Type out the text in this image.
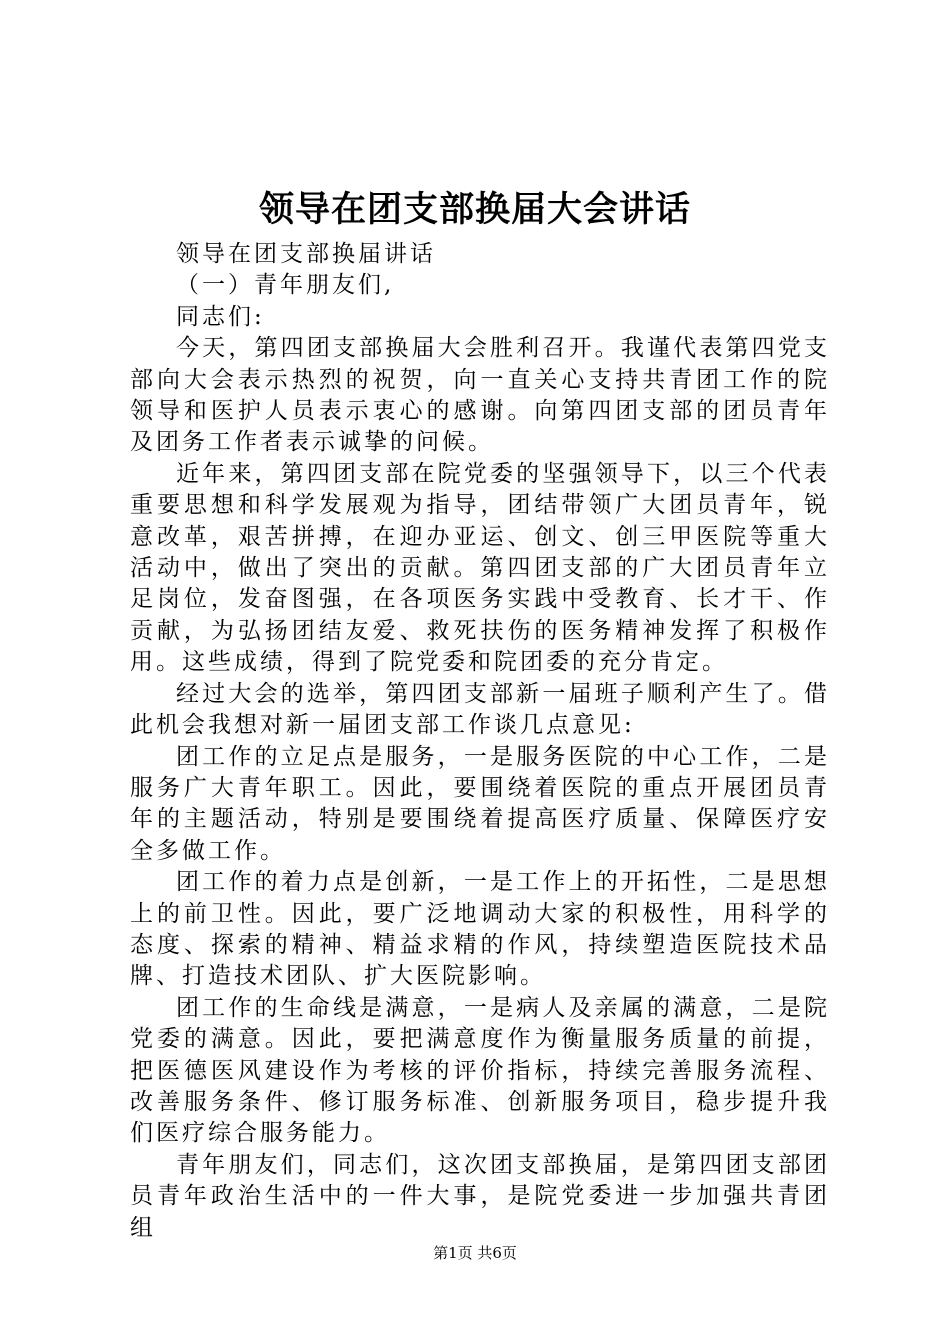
领导在团支部换届大会讲话

领导在团支部换届讲话

（一）青年朋友们,

同志们:

今天，第四团支部换届大会胜利召开。我谨代表第四党支部向大会表示热烈的祝贺，向一直关心支持共青团工作的院领导和医护人员表示衷心的感谢。向第四团支部的团员青年及团务工作者表示诚挚的问候。

近年来，第四团支部在院党委的坚强领导下，以三个代表重要思想和科学发展观为指导，团结带领广大团员青年，锐意改革，艰苦拼搏，在迎办亚运、创文、创三甲医院等重大活动中，做出了突出的贡献。第四团支部的广大团员青年立足岗位，发奋图强，在各项医务实践中受教育、长才干、作贡献，为弘扬团结友爱、救死扶伤的医务精神发挥了积极作用。这些成绩，得到了院党委和院团委的充分肯定。

经过大会的选举，第四团支部新一届班子顺利产生了。借此机会我想对新一届团支部工作谈几点意见:

团工作的立足点是服务，一是服务医院的中心工作，二是服务广大青年职工。因此，要围绕着医院的重点开展团员青年的主题活动，特别是要围绕着提高医疗质量、保障医疗安全多做工作。

团工作的着力点是创新，一是工作上的开拓性，二是思想上的前卫性。因此，要广泛地调动大家的积极性，用科学的态度、探索的精神、精益求精的作风，持续塑造医院技术品牌、打造技术团队、扩大医院影响。

团工作的生命线是满意，一是病人及亲属的满意，二是院党委的满意。因此，要把满意度作为衡量服务质量的前提，把医德医风建设作为考核的评价指标，持续完善服务流程、改善服务条件、修订服务标准、创新服务项目，稳步提升我们医疗综合服务能力。

青年朋友们，同志们，这次团支部换届，是第四团支部团员青年政治生活中的一件大事，是院党委进一步加强共青团组

第1页 共6页
